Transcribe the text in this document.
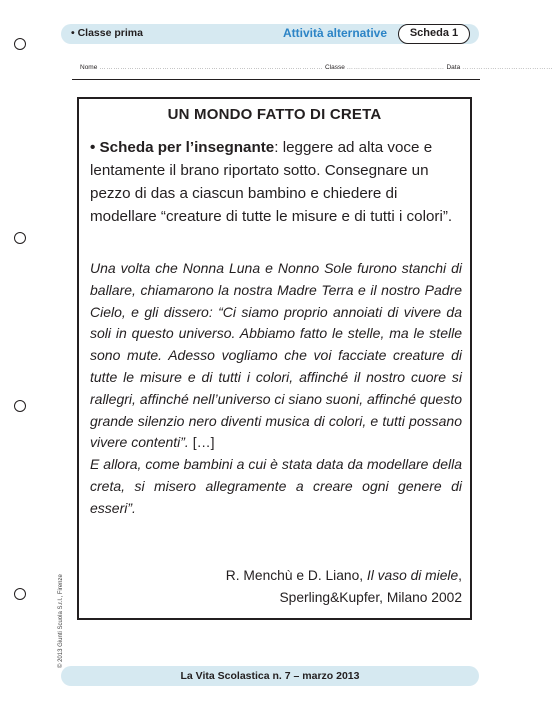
• Classe prima	Attività alternative	Scheda 1
Nome …………………………………………………………………………………… Classe …………………………………… Data …………………………………
UN MONDO FATTO DI CRETA
• Scheda per l’insegnante: leggere ad alta voce e lentamente il brano riportato sotto. Consegnare un pezzo di das a ciascun bambino e chiedere di modellare “creature di tutte le misure e di tutti i colori”.
Una volta che Nonna Luna e Nonno Sole furono stanchi di ballare, chiamarono la nostra Madre Terra e il nostro Padre Cielo, e gli dissero: “Ci siamo proprio annoiati di vivere da soli in questo universo. Abbiamo fatto le stelle, ma le stelle sono mute. Adesso vogliamo che voi facciate creature di tutte le misure e di tutti i colori, affinché il nostro cuore si rallegri, affinché nell’universo ci siano suoni, affinché questo grande silenzio nero diventi musica di colori, e tutti possano vivere contenti”. […]
E allora, come bambini a cui è stata data da modellare della creta, si misero allegramente a creare ogni genere di esseri”.
R. Menchù e D. Liano, Il vaso di miele,
Sperling&Kupfer, Milano 2002
© 2013 Giunti Scuola S.r.l., Firenze
La Vita Scolastica n. 7 – marzo 2013
